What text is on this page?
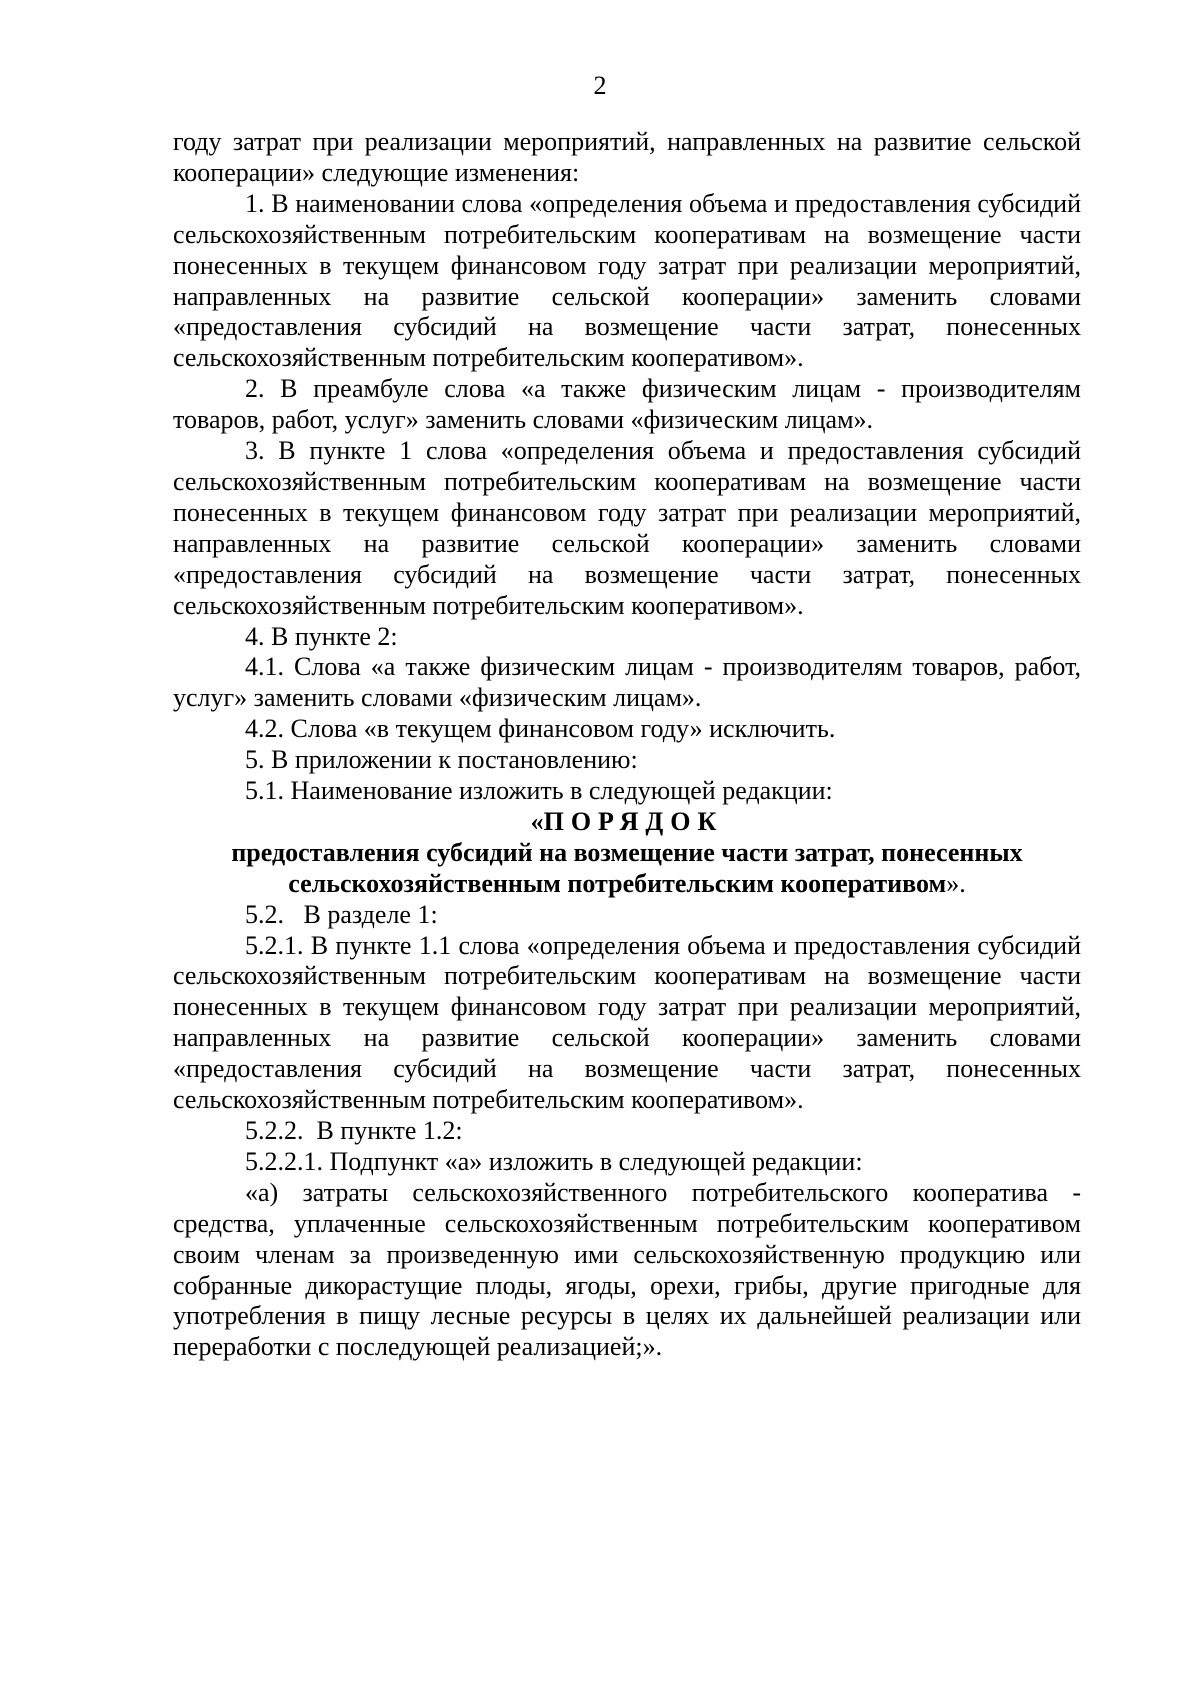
2

году затрат при реализации мероприятий, направленных на развитие сельской кооперации» следующие изменения:

1. В наименовании слова «определения объема и предоставления субсидий сельскохозяйственным потребительским кооперативам на возмещение части понесенных в текущем финансовом году затрат при реализации мероприятий, направленных на развитие сельской кооперации» заменить словами «предоставления субсидий на возмещение части затрат, понесенных сельскохозяйственным потребительским кооперативом».

2. В преамбуле слова «а также физическим лицам - производителям товаров, работ, услуг» заменить словами «физическим лицам».

3. В пункте 1 слова «определения объема и предоставления субсидий сельскохозяйственным потребительским кооперативам на возмещение части понесенных в текущем финансовом году затрат при реализации мероприятий, направленных на развитие сельской кооперации» заменить словами «предоставления субсидий на возмещение части затрат, понесенных сельскохозяйственным потребительским кооперативом».

4. В пункте 2:

4.1. Слова «а также физическим лицам - производителям товаров, работ, услуг» заменить словами «физическим лицам».

4.2. Слова «в текущем финансовом году» исключить.

5. В приложении к постановлению:

5.1. Наименование изложить в следующей редакции:

«ПОРЯДОК

предоставления субсидий на возмещение части затрат, понесенных сельскохозяйственным потребительским кооперативом».

5.2.   В разделе 1:

5.2.1. В пункте 1.1 слова «определения объема и предоставления субсидий сельскохозяйственным потребительским кооперативам на возмещение части понесенных в текущем финансовом году затрат при реализации мероприятий, направленных на развитие сельской кооперации» заменить словами «предоставления субсидий на возмещение части затрат, понесенных сельскохозяйственным потребительским кооперативом».

5.2.2.  В пункте 1.2:

5.2.2.1. Подпункт «а» изложить в следующей редакции:

«а) затраты сельскохозяйственного потребительского кооператива - средства, уплаченные сельскохозяйственным потребительским кооперативом своим членам за произведенную ими сельскохозяйственную продукцию или собранные дикорастущие плоды, ягоды, орехи, грибы, другие пригодные для употребления в пищу лесные ресурсы в целях их дальнейшей реализации или переработки с последующей реализацией;».
